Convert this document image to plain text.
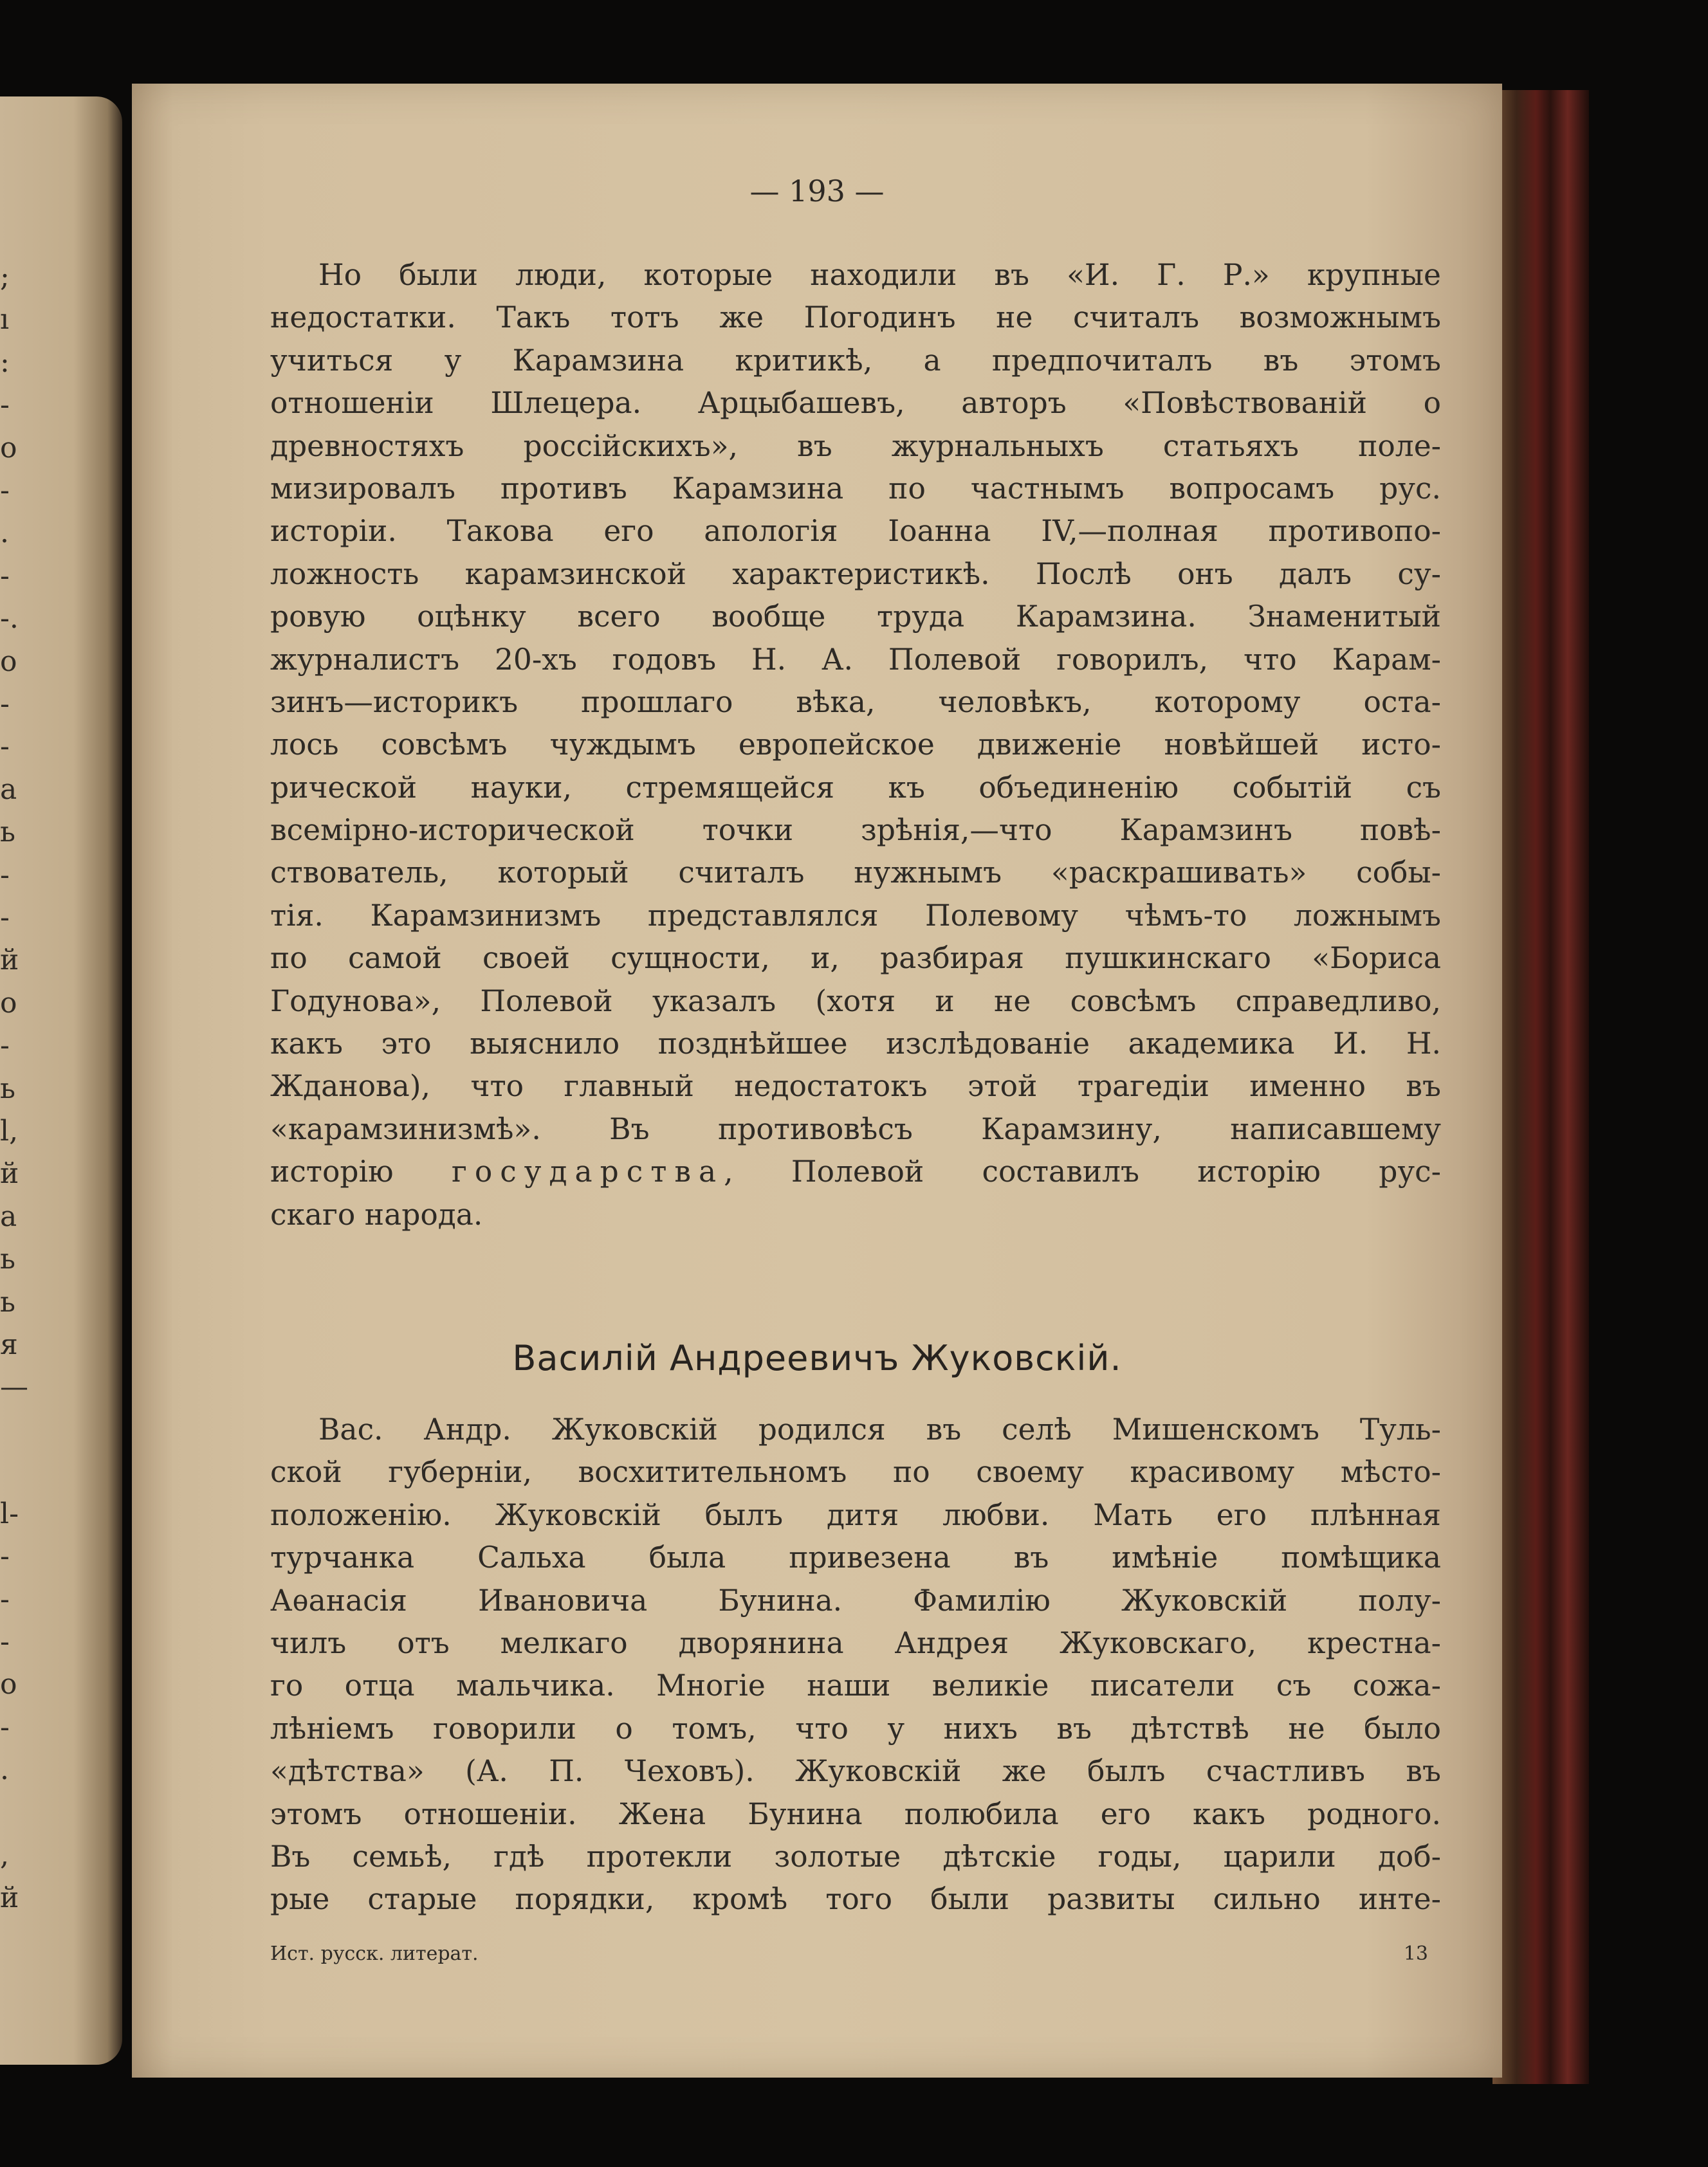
;
ı
:
-
o
-
.
-
-.
o
-
-
a
ь
-
-
й
o
-
ь
l,
й
a
ь
ь
я
—
l-
-
-
-
o
-
.
,
й
— 193 —
Но были люди, которые находили въ «И. Г. Р.» крупные
недостатки. Такъ тотъ же Погодинъ не считалъ возможнымъ
учиться у Карамзина критикѣ, а предпочиталъ въ этомъ
отношенiи Шлецера. Арцыбашевъ, авторъ «Повѣствованiй о
древностяхъ россiйскихъ», въ журнальныхъ статьяхъ поле-
мизировалъ противъ Карамзина по частнымъ вопросамъ рус.
исторiи. Такова его апологiя Iоанна IV,—полная противопо-
ложность карамзинской характеристикѣ. Послѣ онъ далъ су-
ровую оцѣнку всего вообще труда Карамзина. Знаменитый
журналистъ 20-хъ годовъ Н. А. Полевой говорилъ, что Карам-
зинъ—историкъ прошлаго вѣка, человѣкъ, которому оста-
лось совсѣмъ чуждымъ европейское движенiе новѣйшей исто-
рической науки, стремящейся къ объединенiю событiй съ
всемiрно-исторической точки зрѣнiя,—что Карамзинъ повѣ-
ствователь, который считалъ нужнымъ «раскрашивать» собы-
тiя. Карамзинизмъ представлялся Полевому чѣмъ-то ложнымъ
по самой своей сущности, и, разбирая пушкинскаго «Бориса
Годунова», Полевой указалъ (хотя и не совсѣмъ справедливо,
какъ это выяснило позднѣйшее изслѣдованiе академика И. Н.
Жданова), что главный недостатокъ этой трагедiи именно въ
«карамзинизмѣ». Въ противовѣсъ Карамзину, написавшему
исторiю государства, Полевой составилъ исторiю рус-
скаго народа.
Василiй Андреевичъ Жуковскiй.
Вас. Андр. Жуковскiй родился въ селѣ Мишенскомъ Туль-
ской губернiи, восхитительномъ по своему красивому мѣсто-
положенiю. Жуковскiй былъ дитя любви. Мать его плѣнная
турчанка Сальха была привезена въ имѣнiе помѣщика
Аѳанасiя Ивановича Бунина. Фамилiю Жуковскiй полу-
чилъ отъ мелкаго дворянина Андрея Жуковскаго, крестна-
го отца мальчика. Многiе наши великiе писатели съ сожа-
лѣнiемъ говорили о томъ, что у нихъ въ дѣтствѣ не было
«дѣтства» (А. П. Чеховъ). Жуковскiй же былъ счастливъ въ
этомъ отношенiи. Жена Бунина полюбила его какъ родного.
Въ семьѣ, гдѣ протекли золотые дѣтскiе годы, царили доб-
рые старые порядки, кромѣ того были развиты сильно инте-
Ист. русск. литерат.	13
